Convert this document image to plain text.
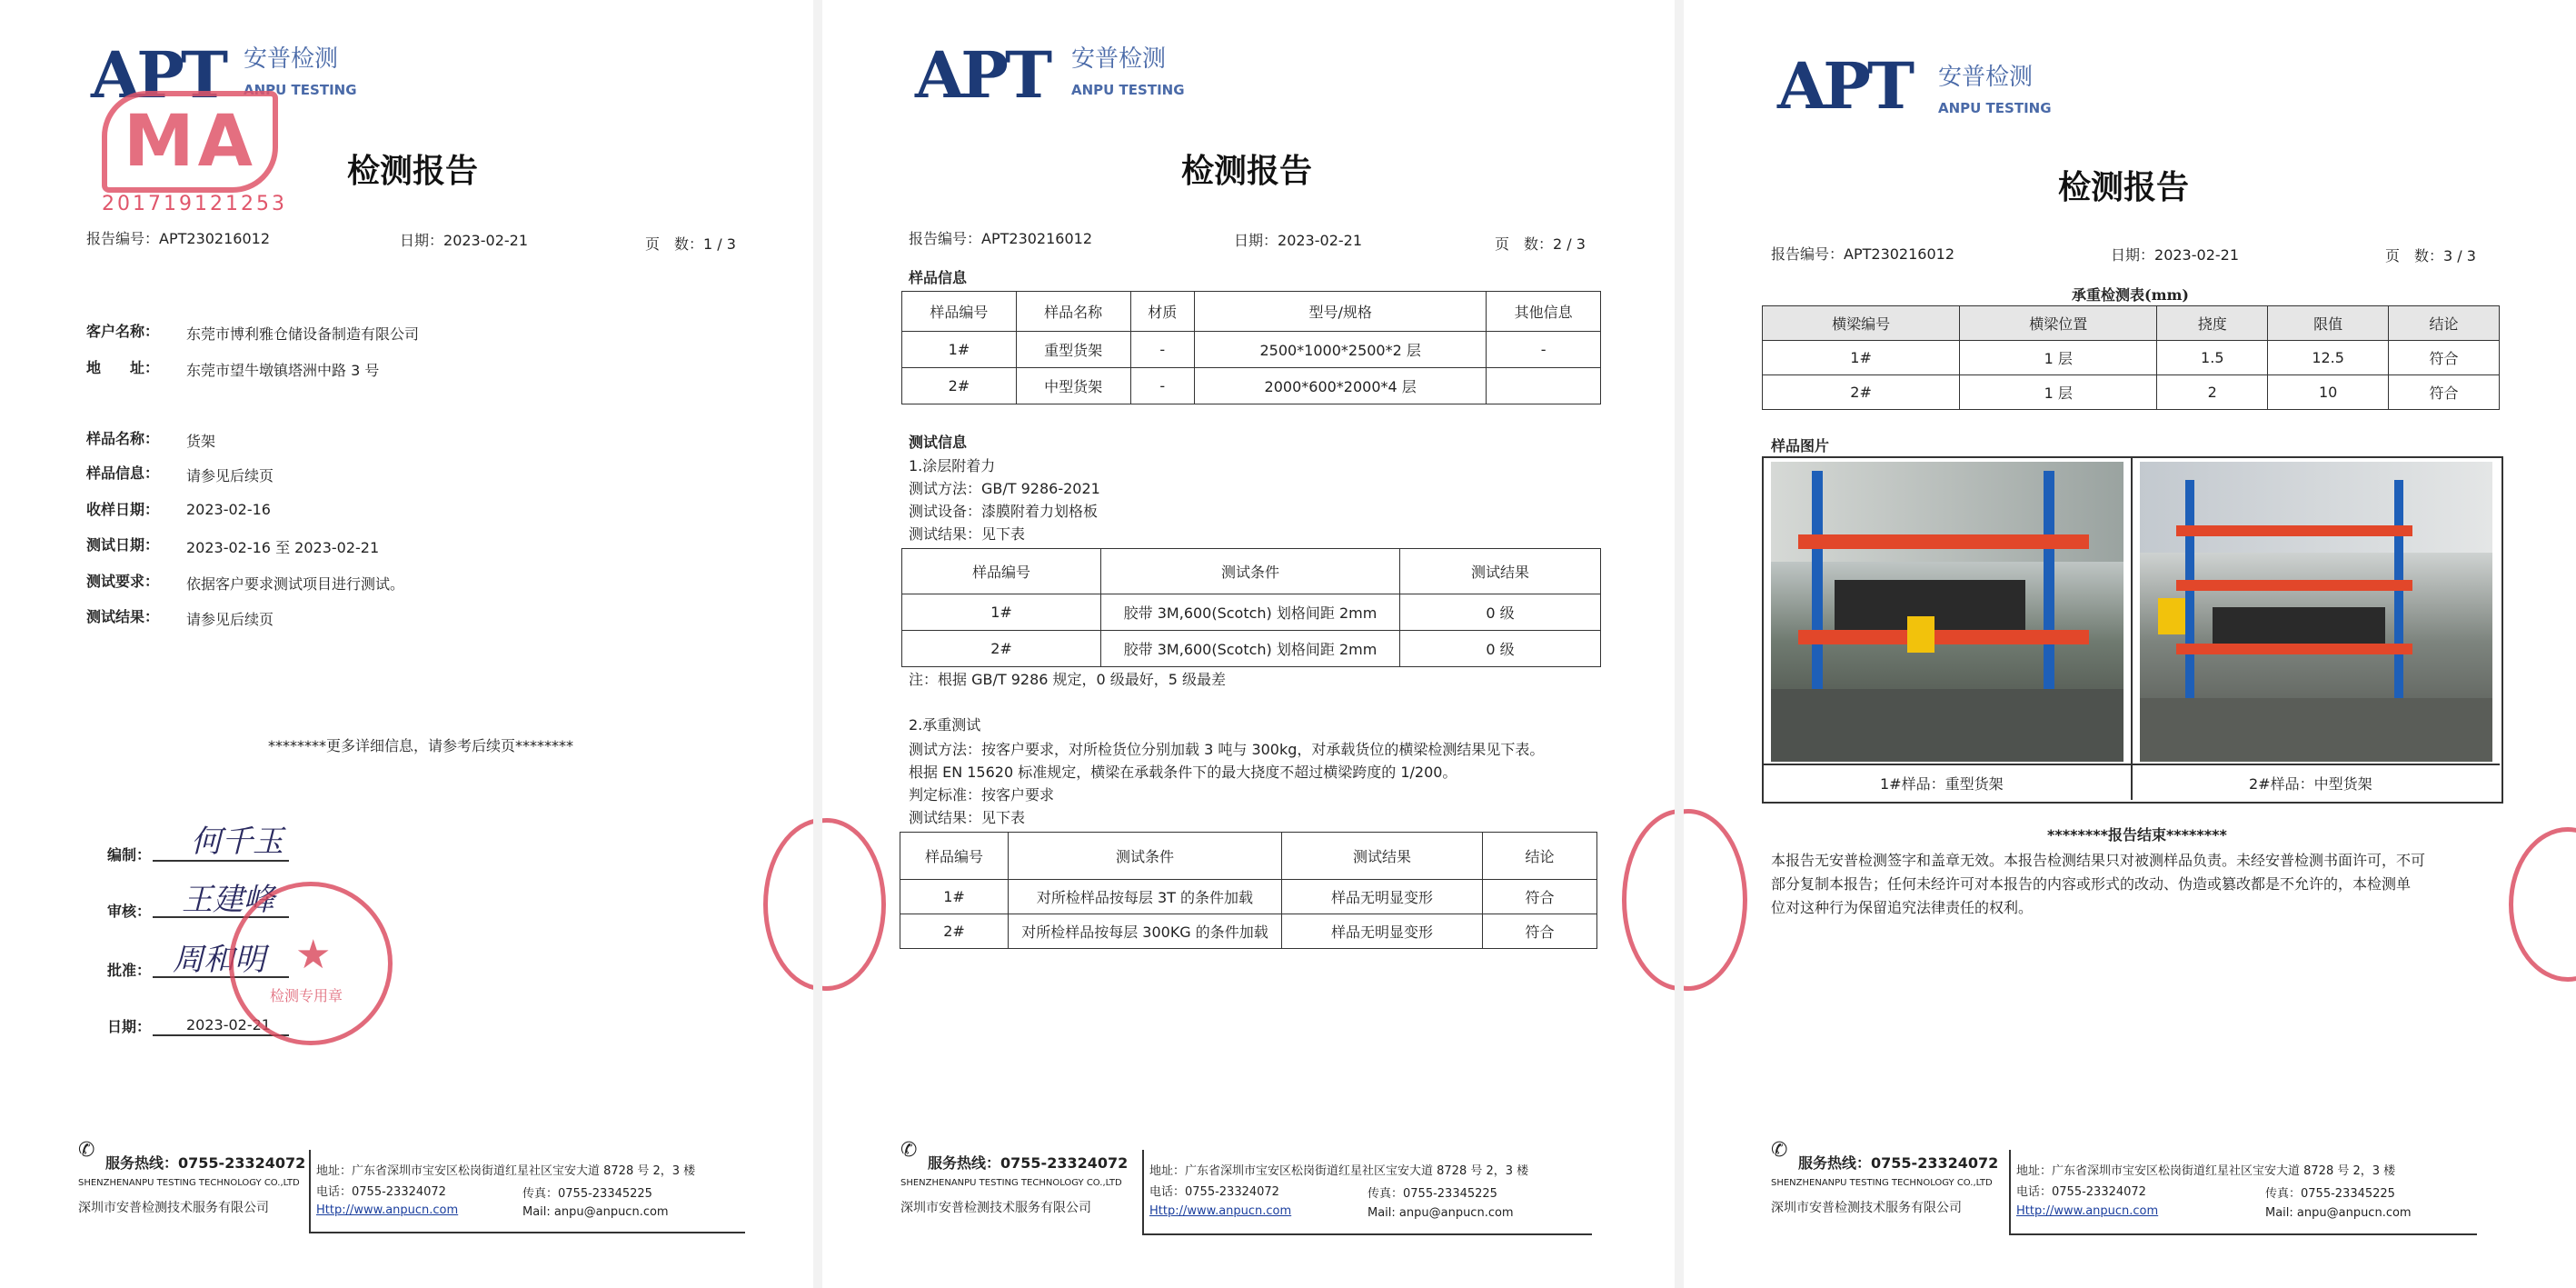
APT 安普检测
ANPU TESTING
MA
201719121253
检测报告
报告编号：APT230216012	日期：2023-02-21	页　数：1 / 3
客户名称： 东莞市博利雅仓储设备制造有限公司
地　　址： 东莞市望牛墩镇塔洲中路 3 号
样品名称： 货架
样品信息： 请参见后续页
收样日期： 2023-02-16
测试日期： 2023-02-16 至 2023-02-21
测试要求： 依据客户要求测试项目进行测试。
测试结果： 请参见后续页
********更多详细信息，请参考后续页********
编制： 何千玉
审核： 王建峰
批准： 周和明
日期： 2023-02-21
★
检测专用章
✆
服务热线：0755-23324072
SHENZHENANPU TESTING TECHNOLOGY CO.,LTD
深圳市安普检测技术服务有限公司
地址：广东省深圳市宝安区松岗街道红星社区宝安大道 8728 号 2，3 楼
电话：0755-23324072	传真：0755-23345225
Http://www.anpucn.com	Mail: anpu@anpucn.com
APT 安普检测
ANPU TESTING
检测报告
报告编号：APT230216012	日期：2023-02-21	页　数：2 / 3
样品信息
样品编号	样品名称	材质	型号/规格	其他信息
1#	重型货架	-	2500*1000*2500*2 层	-
2#	中型货架	-	2000*600*2000*4 层	
测试信息
1.涂层附着力
测试方法：GB/T 9286-2021
测试设备：漆膜附着力划格板
测试结果：见下表
样品编号	测试条件	测试结果
1#	胶带 3M,600(Scotch) 划格间距 2mm	0 级
2#	胶带 3M,600(Scotch) 划格间距 2mm	0 级
注：根据 GB/T 9286 规定，0 级最好，5 级最差
2.承重测试
测试方法：按客户要求，对所检货位分别加载 3 吨与 300kg，对承载货位的横梁检测结果见下表。
根据 EN 15620 标准规定，横梁在承载条件下的最大挠度不超过横梁跨度的 1/200。
判定标准：按客户要求
测试结果：见下表
样品编号	测试条件	测试结果	结论
1#	对所检样品按每层 3T 的条件加载	样品无明显变形	符合
2#	对所检样品按每层 300KG 的条件加载	样品无明显变形	符合
✆
服务热线：0755-23324072
SHENZHENANPU TESTING TECHNOLOGY CO.,LTD
深圳市安普检测技术服务有限公司
地址：广东省深圳市宝安区松岗街道红星社区宝安大道 8728 号 2，3 楼
电话：0755-23324072	传真：0755-23345225
Http://www.anpucn.com	Mail: anpu@anpucn.com
APT 安普检测
ANPU TESTING
检测报告
报告编号：APT230216012	日期：2023-02-21	页　数：3 / 3
承重检测表(mm)
横梁编号	横梁位置	挠度	限值	结论
1#	1 层	1.5	12.5	符合
2#	1 层	2	10	符合
样品图片
1#样品：重型货架	2#样品：中型货架
********报告结束********
本报告无安普检测签字和盖章无效。本报告检测结果只对被测样品负责。未经安普检测书面许可，不可
部分复制本报告；任何未经许可对本报告的内容或形式的改动、伪造或篡改都是不允许的，本检测单
位对这种行为保留追究法律责任的权利。
✆
服务热线：0755-23324072
SHENZHENANPU TESTING TECHNOLOGY CO.,LTD
深圳市安普检测技术服务有限公司
地址：广东省深圳市宝安区松岗街道红星社区宝安大道 8728 号 2，3 楼
电话：0755-23324072	传真：0755-23345225
Http://www.anpucn.com	Mail: anpu@anpucn.com
